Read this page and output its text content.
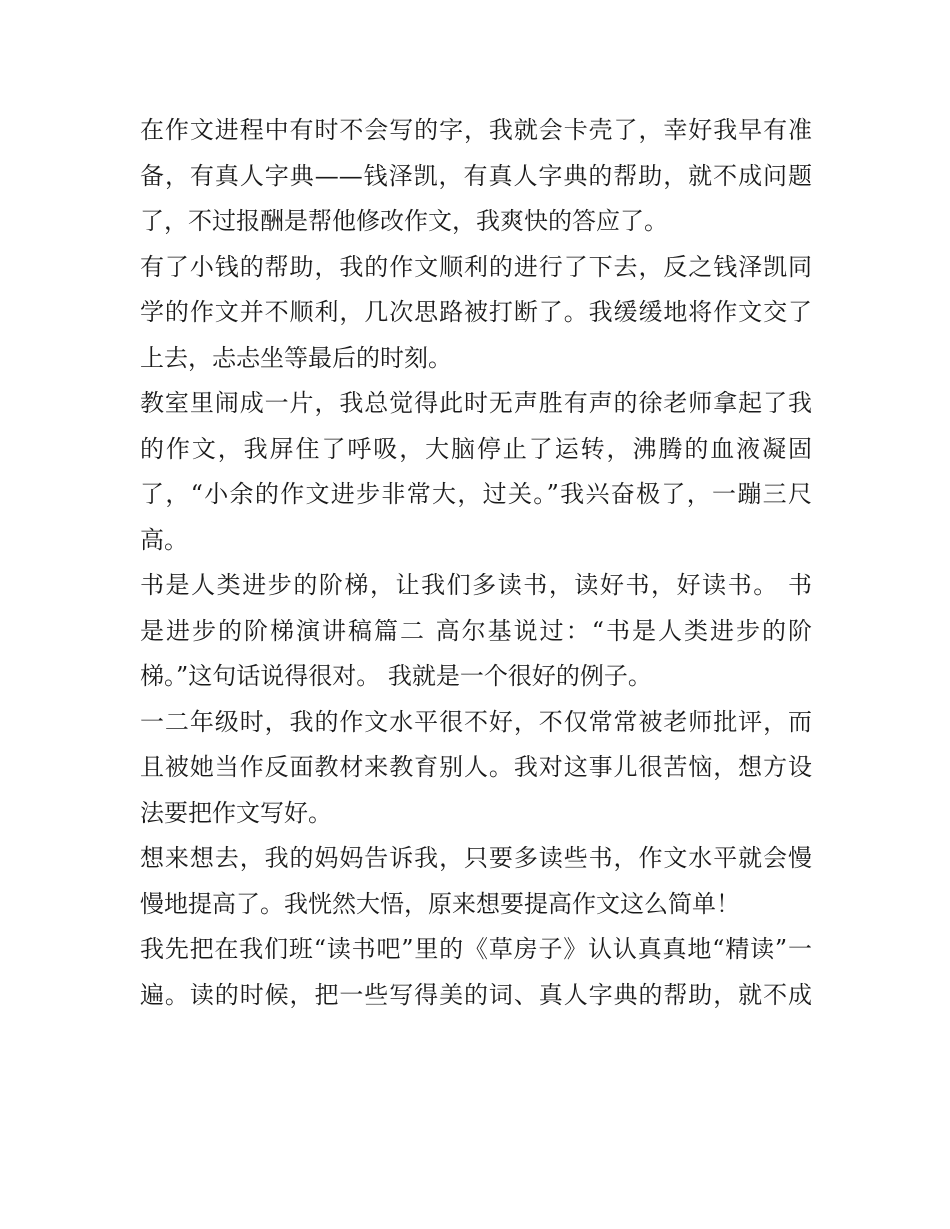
在作文进程中有时不会写的字，我就会卡壳了，幸好我早有准
备，有真人字典——钱泽凯，有真人字典的帮助，就不成问题
了，不过报酬是帮他修改作文，我爽快的答应了。
有了小钱的帮助，我的作文顺利的进行了下去，反之钱泽凯同
学的作文并不顺利，几次思路被打断了。我缓缓地将作文交了
上去，忐忐坐等最后的时刻。
教室里闹成一片，我总觉得此时无声胜有声的徐老师拿起了我
的作文，我屏住了呼吸，大脑停止了运转，沸腾的血液凝固
了，“小余的作文进步非常大，过关。”我兴奋极了，一蹦三尺
高。
书是人类进步的阶梯，让我们多读书，读好书，好读书。 书
是进步的阶梯演讲稿篇二 高尔基说过：“书是人类进步的阶
梯。”这句话说得很对。 我就是一个很好的例子。
一二年级时，我的作文水平很不好，不仅常常被老师批评，而
且被她当作反面教材来教育别人。我对这事儿很苦恼，想方设
法要把作文写好。
想来想去，我的妈妈告诉我，只要多读些书，作文水平就会慢
慢地提高了。我恍然大悟，原来想要提高作文这么简单！
我先把在我们班“读书吧”里的《草房子》认认真真地“精读”一
遍。读的时候，把一些写得美的词、真人字典的帮助，就不成
